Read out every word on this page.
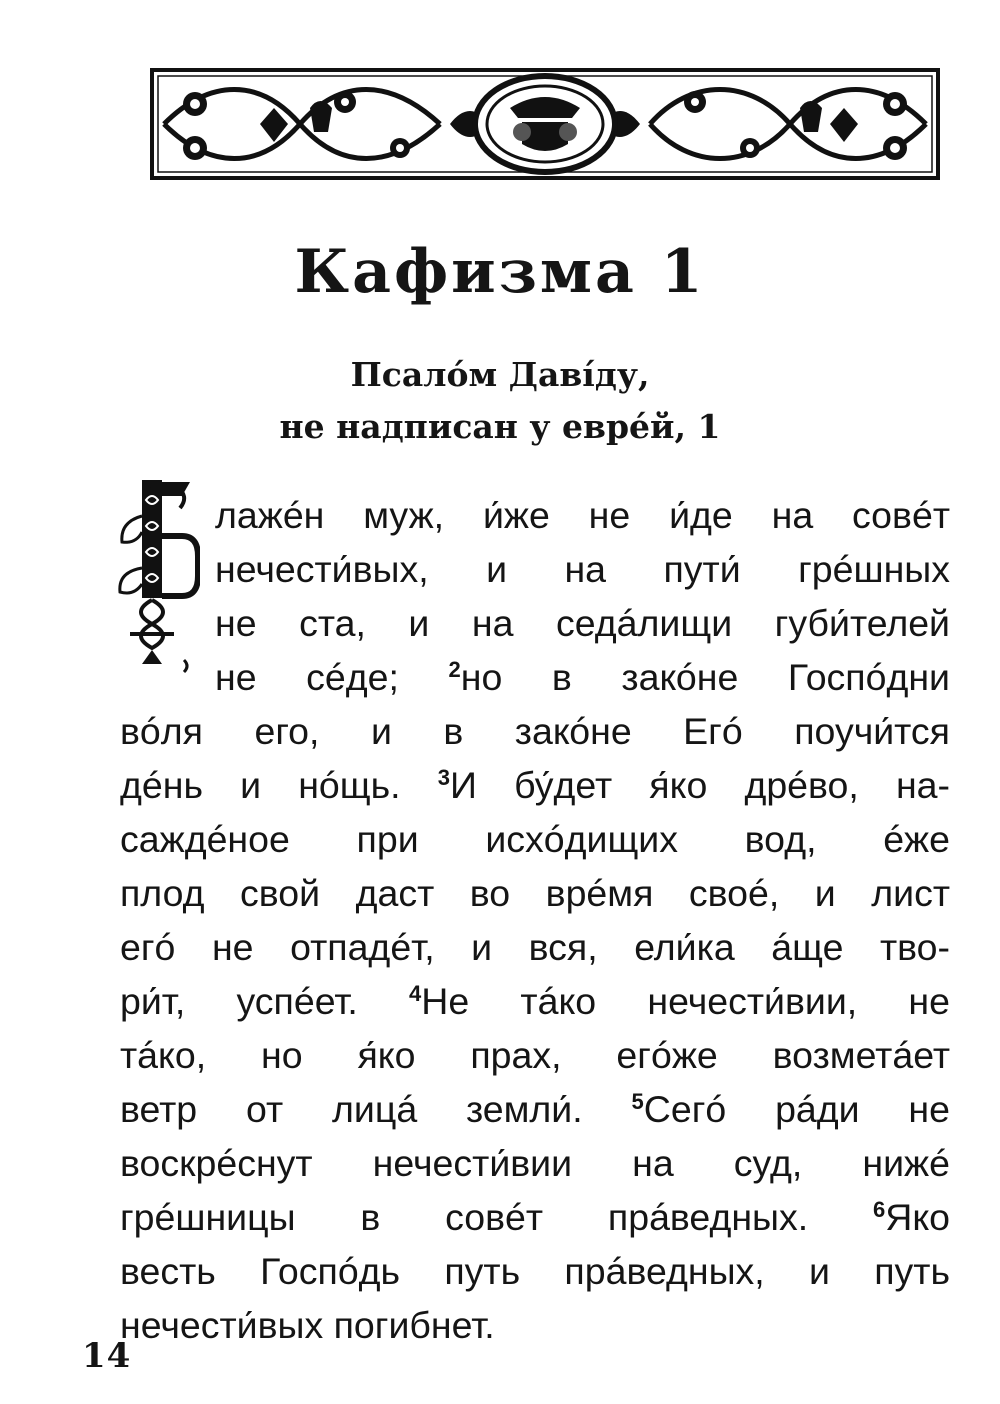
Кафизма 1

Псалóм Давíду,

не надписан у еврéй, 1

лажéн муж, и́же не и́де на совéт
нечести́вых, и на пути́ грéшных
не ста, и на седáлищи губи́телей
не сéде; $^2$но в закóне Госпóдни
вóля его, и в закóне Егó поучи́тся
дéнь и нóщь. $^3$И бу́дет я́ко дрéво, на-
саждéное при исхóдищих вод, éже
плод свой даст во врéмя своé, и лист
егó не отпадéт, и вся, ели́ка áще тво-
ри́т, успéет. $^4$Не тáко нечести́вии, не
тáко, но я́ко прах, егóже возметáет
ветр от лицá земли́. $^5$Сегó рáди не
воскрéснут нечести́вии на суд, нижé
грéшницы в совéт прáведных.	$^6$Яко
весть Госпóдь путь прáведных, и путь
нечести́вых погибнет.
14
